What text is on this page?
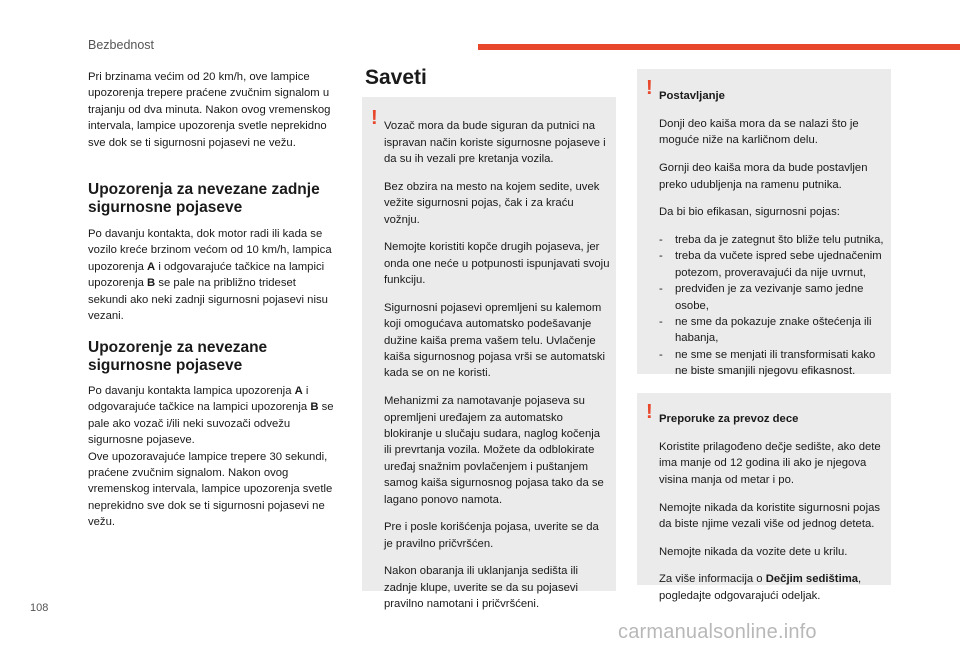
Bezbednost

Pri brzinama većim od 20 km/h, ove lampice upozorenja trepere praćene zvučnim signalom u trajanju od dva minuta. Nakon ovog vremenskog intervala, lampice upozorenja svetle neprekidno sve dok se ti sigurnosni pojasevi ne vežu.

Upozorenja za nevezane zadnje sigurnosne pojaseve

Po davanju kontakta, dok motor radi ili kada se vozilo kreće brzinom većom od 10 km/h, lampica upozorenja A i odgovarajuće tačkice na lampici upozorenja B se pale na približno trideset sekundi ako neki zadnji sigurnosni pojasevi nisu vezani.

Upozorenje za nevezane sigurnosne pojaseve

Po davanju kontakta lampica upozorenja A i odgovarajuće tačkice na lampici upozorenja B se pale ako vozač i/ili neki suvozači odvežu sigurnosne pojaseve.

Ove upozoravajuće lampice trepere 30 sekundi, praćene zvučnim signalom. Nakon ovog vremenskog intervala, lampice upozorenja svetle neprekidno sve dok se ti sigurnosni pojasevi ne vežu.

Saveti
! Vozač mora da bude siguran da putnici na ispravan način koriste sigurnosne pojaseve i da su ih vezali pre kretanja vozila.

Bez obzira na mesto na kojem sedite, uvek vežite sigurnosni pojas, čak i za kraću vožnju.

Nemojte koristiti kopče drugih pojaseva, jer onda one neće u potpunosti ispunjavati svoju funkciju.

Sigurnosni pojasevi opremljeni su kalemom koji omogućava automatsko podešavanje dužine kaiša prema vašem telu. Uvlačenje kaiša sigurnosnog pojasa vrši se automatski kada se on ne koristi.

Mehanizmi za namotavanje pojaseva su opremljeni uređajem za automatsko blokiranje u slučaju sudara, naglog kočenja ili prevrtanja vozila. Možete da odblokirate uređaj snažnim povlačenjem i puštanjem samog kaiša sigurnosnog pojasa tako da se lagano ponovo namota.

Pre i posle korišćenja pojasa, uverite se da je pravilno pričvršćen.

Nakon obaranja ili uklanjanja sedišta ili zadnje klupe, uverite se da su pojasevi pravilno namotani i pričvršćeni.

! Postavljanje

Donji deo kaiša mora da se nalazi što je moguće niže na karličnom delu.

Gornji deo kaiša mora da bude postavljen preko udubljenja na ramenu putnika.

Da bi bio efikasan, sigurnosni pojas:

- treba da je zategnut što bliže telu putnika,
- treba da vučete ispred sebe ujednačenim potezom, proveravajući da nije uvrnut,
- predviđen je za vezivanje samo jedne osobe,
- ne sme da pokazuje znake oštećenja ili habanja,
- ne sme se menjati ili transformisati kako ne biste smanjili njegovu efikasnost.
! Preporuke za prevoz dece

Koristite prilagođeno dečje sedište, ako dete ima manje od 12 godina ili ako je njegova visina manja od metar i po.

Nemojte nikada da koristite sigurnosni pojas da biste njime vezali više od jednog deteta.

Nemojte nikada da vozite dete u krilu.

Za više informacija o Dečjim sedištima, pogledajte odgovarajući odeljak.

108
carmanualsonline.info
